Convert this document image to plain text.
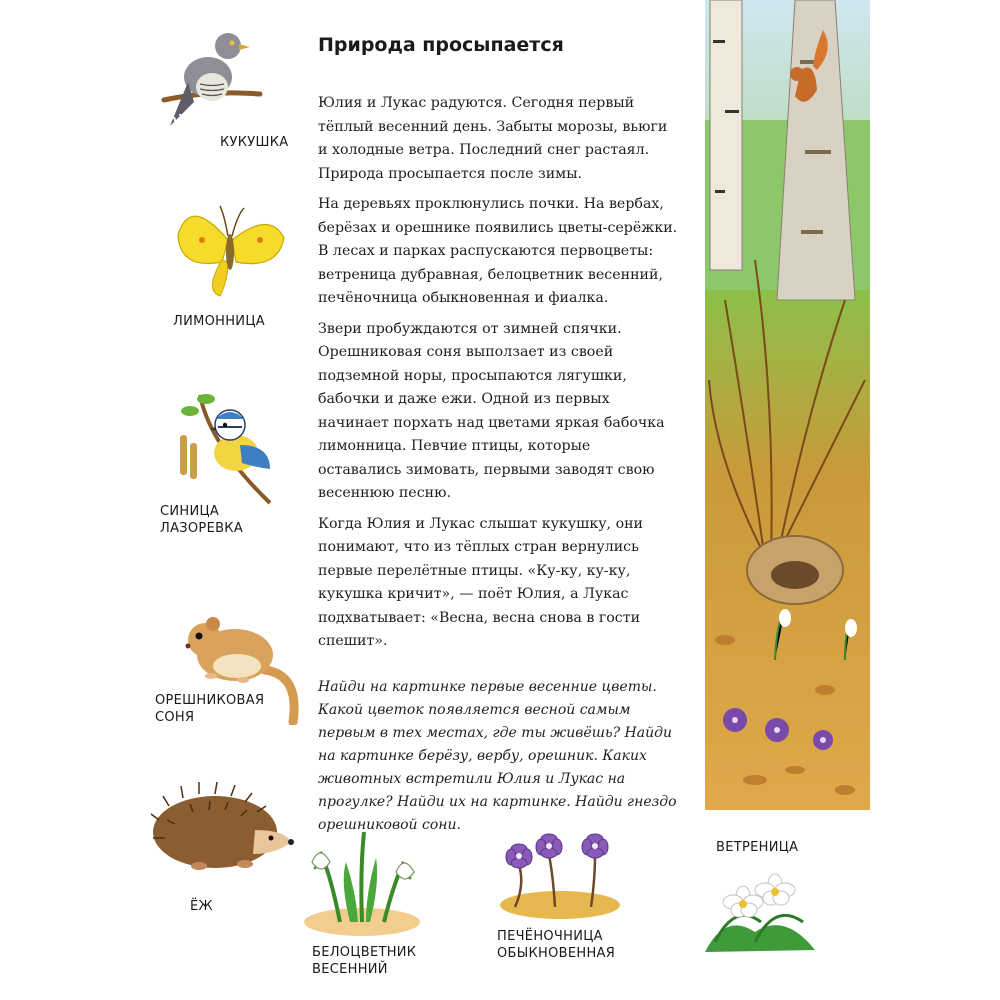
Природа просыпается

Юлия и Лукас радуются. Сегодня первый тёплый весенний день. Забыты морозы, вьюги и холодные ветра. Последний снег растаял. Природа просыпается после зимы.

На деревьях проклюнулись почки. На вербах, берёзах и орешнике появились цветы-серёжки. В лесах и парках распускаются первоцветы: ветреница дубравная, белоцветник весенний, печёночница обыкновенная и фиалка.

Звери пробуждаются от зимней спячки. Орешниковая соня выползает из своей подземной норы, просыпаются лягушки, бабочки и даже ежи. Одной из первых начинает порхать над цветами яркая бабочка лимонница. Певчие птицы, которые оставались зимовать, первыми заводят свою весеннюю песню.

Когда Юлия и Лукас слышат кукушку, они понимают, что из тёплых стран вернулись первые перелётные птицы. «Ку-ку, ку-ку, кукушка кричит», — поёт Юлия, а Лукас подхватывает: «Весна, весна снова в гости спешит».

Найди на картинке первые весенние цветы. Какой цветок появляется весной самым первым в тех местах, где ты живёшь? Найди на картинке берёзу, вербу, орешник. Каких животных встретили Юлия и Лукас на прогулке? Найди их на картинке. Найди гнездо орешниковой сони.
КУКУШКА
ЛИМОННИЦА
СИНИЦА
ЛАЗОРЕВКА
ОРЕШНИКОВАЯ
СОНЯ
ЁЖ
БЕЛОЦВЕТНИК
ВЕСЕННИЙ
ПЕЧЁНОЧНИЦА
ОБЫКНОВЕННАЯ
ВЕТРЕНИЦА
